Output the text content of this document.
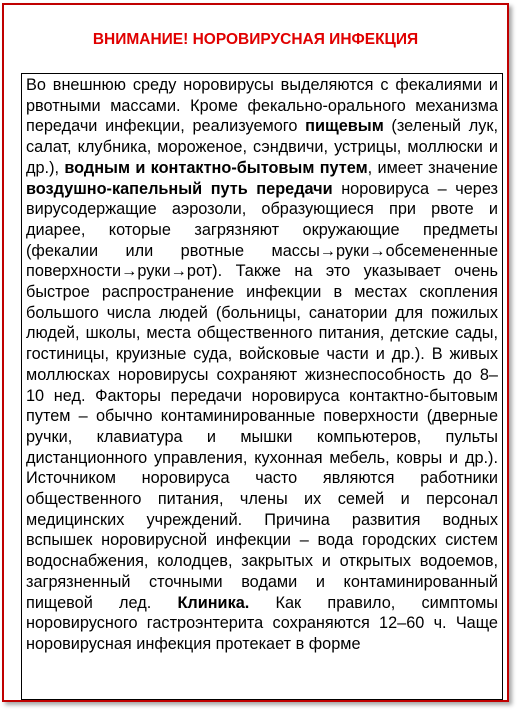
ВНИМАНИЕ! НОРОВИРУСНАЯ ИНФЕКЦИЯ

Во внешнюю среду норовирусы выделяются с фекалиями и рвотными массами. Кроме фекально-орального механизма передачи инфекции, реализуемого пищевым (зеленый лук, салат, клубника, мороженое, сэндвичи, устрицы, моллюски и др.), водным и контактно-бытовым путем, имеет значение воздушно-капельный путь передачи норовируса – через вирусодержащие аэрозоли, образующиеся при рвоте и диарее, которые загрязняют окружающие предметы (фекалии или рвотные массы→руки→обсемененные поверхности→руки→рот). Также на это указывает очень быстрое распространение инфекции в местах скопления большого числа людей (больницы, санатории для пожилых людей, школы, места общественного питания, детские сады, гостиницы, круизные суда, войсковые части и др.). В живых моллюсках норовирусы сохраняют жизнеспособность до 8–10 нед. Факторы передачи норовируса контактно-бытовым путем – обычно контаминированные поверхности (дверные ручки, клавиатура и мышки компьютеров, пульты дистанционного управления, кухонная мебель, ковры и др.). Источником норовируса часто являются работники общественного питания, члены их семей и персонал медицинских учреждений. Причина развития водных вспышек норовирусной инфекции – вода городских систем водоснабжения, колодцев, закрытых и открытых водоемов, загрязненный сточными водами и контаминированный пищевой лед. Клиника. Как правило, симптомы норовирусного гастроэнтерита сохраняются 12–60 ч. Чаще норовирусная инфекция протекает в форме
